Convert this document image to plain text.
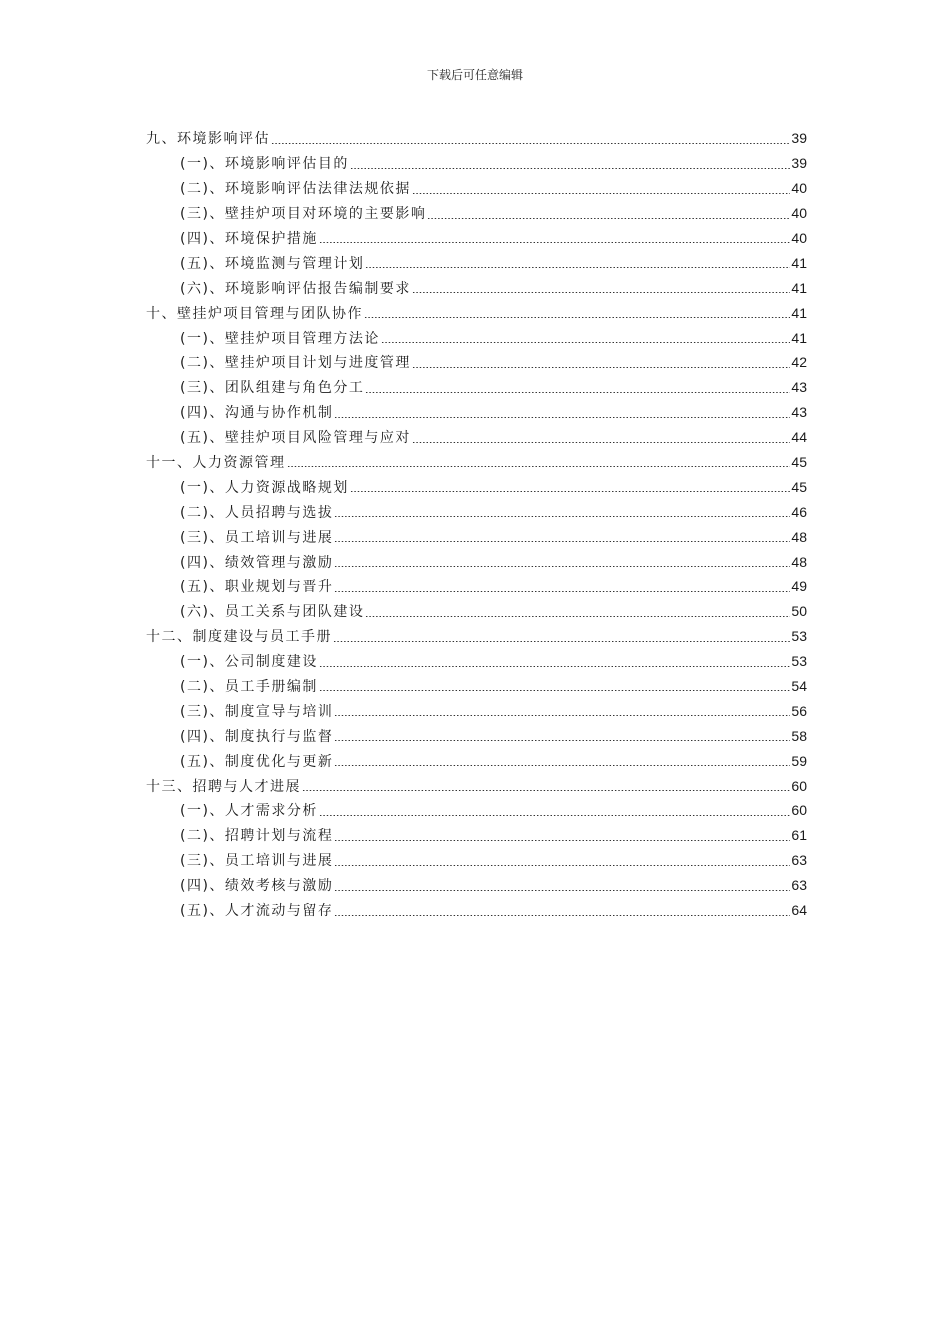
下载后可任意编辑
九、环境影响评估	39
(一)、环境影响评估目的	39
(二)、环境影响评估法律法规依据	40
(三)、壁挂炉项目对环境的主要影响	40
(四)、环境保护措施	40
(五)、环境监测与管理计划	41
(六)、环境影响评估报告编制要求	41
十、壁挂炉项目管理与团队协作	41
(一)、壁挂炉项目管理方法论	41
(二)、壁挂炉项目计划与进度管理	42
(三)、团队组建与角色分工	43
(四)、沟通与协作机制	43
(五)、壁挂炉项目风险管理与应对	44
十一、人力资源管理	45
(一)、人力资源战略规划	45
(二)、人员招聘与选拔	46
(三)、员工培训与进展	48
(四)、绩效管理与激励	48
(五)、职业规划与晋升	49
(六)、员工关系与团队建设	50
十二、制度建设与员工手册	53
(一)、公司制度建设	53
(二)、员工手册编制	54
(三)、制度宣导与培训	56
(四)、制度执行与监督	58
(五)、制度优化与更新	59
十三、招聘与人才进展	60
(一)、人才需求分析	60
(二)、招聘计划与流程	61
(三)、员工培训与进展	63
(四)、绩效考核与激励	63
(五)、人才流动与留存	64
